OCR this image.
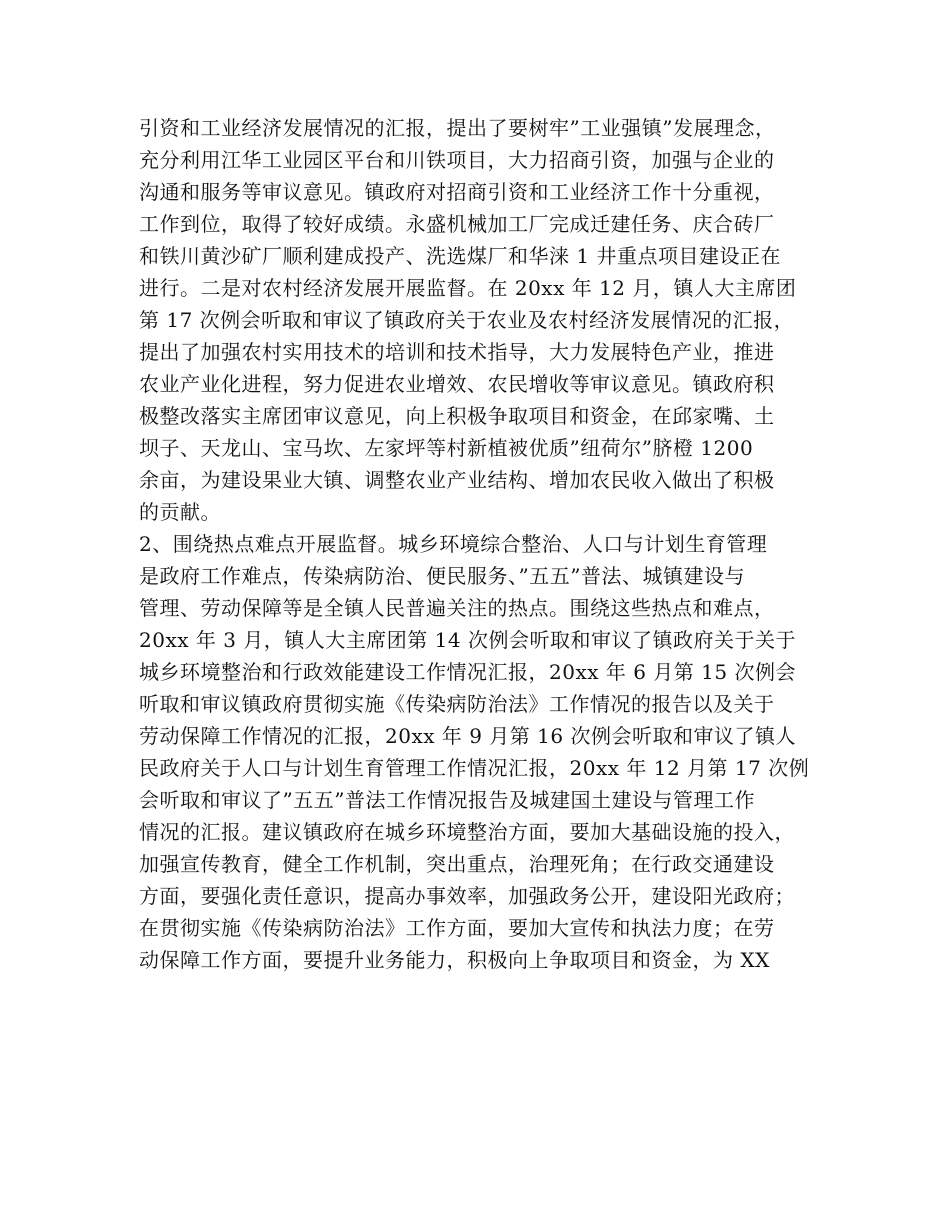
引资和工业经济发展情况的汇报，提出了要树牢”工业强镇”发展理念，
充分利用江华工业园区平台和川铁项目，大力招商引资，加强与企业的
沟通和服务等审议意见。镇政府对招商引资和工业经济工作十分重视，
工作到位，取得了较好成绩。永盛机械加工厂完成迁建任务、庆合砖厂
和铁川黄沙矿厂顺利建成投产、洗选煤厂和华涞 1 井重点项目建设正在
进行。二是对农村经济发展开展监督。在 20xx 年 12 月，镇人大主席团
第 17 次例会听取和审议了镇政府关于农业及农村经济发展情况的汇报，
提出了加强农村实用技术的培训和技术指导，大力发展特色产业，推进
农业产业化进程，努力促进农业增效、农民增收等审议意见。镇政府积
极整改落实主席团审议意见，向上积极争取项目和资金，在邱家嘴、土
坝子、天龙山、宝马坎、左家坪等村新植被优质”纽荷尔”脐橙 1200
余亩，为建设果业大镇、调整农业产业结构、增加农民收入做出了积极
的贡献。
2、围绕热点难点开展监督。城乡环境综合整治、人口与计划生育管理
是政府工作难点，传染病防治、便民服务、”五五”普法、城镇建设与
管理、劳动保障等是全镇人民普遍关注的热点。围绕这些热点和难点，
20xx 年 3 月，镇人大主席团第 14 次例会听取和审议了镇政府关于关于
城乡环境整治和行政效能建设工作情况汇报，20xx 年 6 月第 15 次例会
听取和审议镇政府贯彻实施《传染病防治法》工作情况的报告以及关于
劳动保障工作情况的汇报，20xx 年 9 月第 16 次例会听取和审议了镇人
民政府关于人口与计划生育管理工作情况汇报，20xx 年 12 月第 17 次例
会听取和审议了”五五”普法工作情况报告及城建国土建设与管理工作
情况的汇报。建议镇政府在城乡环境整治方面，要加大基础设施的投入，
加强宣传教育，健全工作机制，突出重点，治理死角；在行政交通建设
方面，要强化责任意识，提高办事效率，加强政务公开，建设阳光政府；
在贯彻实施《传染病防治法》工作方面，要加大宣传和执法力度；在劳
动保障工作方面，要提升业务能力，积极向上争取项目和资金，为 XX
